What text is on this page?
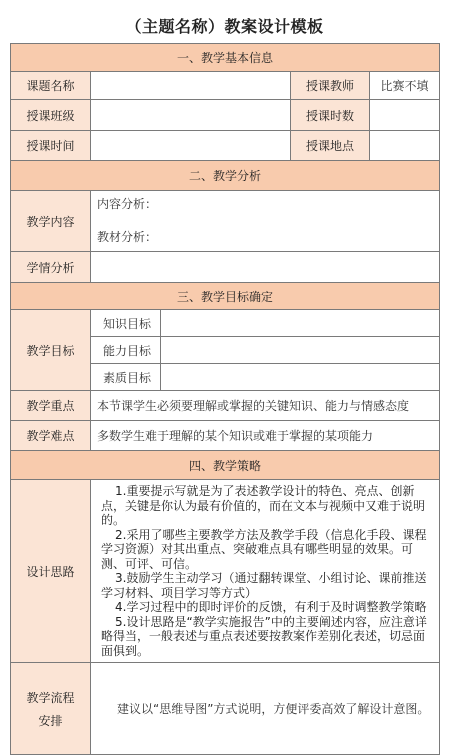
（主题名称）教案设计模板
一、教学基本信息				
课题名称			授课教师	比赛不填
授课班级			授课时数	
授课时间			授课地点	
二、教学分析				
教学内容	内容分析：
教材分析：			

学情分析				
三、教学目标确定				
教学目标	知识目标			
	能力目标			
	素质目标			
教学重点	本节课学生必须要理解或掌握的关键知识、能力与情感态度			
教学难点	多数学生难于理解的某个知识或难于掌握的某项能力			
四、教学策略				
设计思路	1.重要提示写就是为了表述教学设计的特色、亮点、创新点，关键是你认为最有价值的，而在文本与视频中又难于说明的。
2.采用了哪些主要教学方法及教学手段（信息化手段、课程学习资源）对其出重点、突破难点具有哪些明显的效果。可测、可评、可信。
3.鼓励学生主动学习（通过翻转课堂、小组讨论、课前推送学习材料、项目学习等方式）
4.学习过程中的即时评价的反馈，有利于及时调整教学策略
5.设计思路是“教学实施报告”中的主要阐述内容，应注意详略得当，一般表述与重点表述要按教案作差别化表述，切忌面面俱到。			

教学流程
安排	建议以“思维导图”方式说明，方便评委高效了解设计意图。			
